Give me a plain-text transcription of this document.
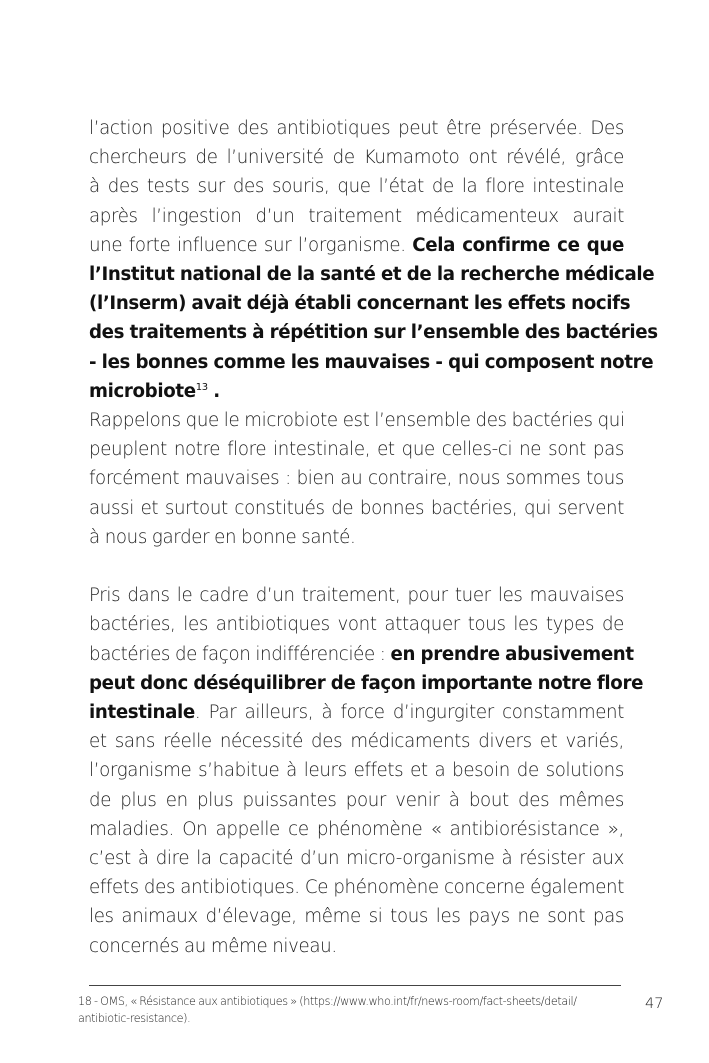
l’action positive des antibiotiques peut être préservée. Des
chercheurs de l’université de Kumamoto ont révélé, grâce
à des tests sur des souris, que l’état de la flore intestinale
après l’ingestion d’un traitement médicamenteux aurait
une forte influence sur l’organisme. Cela confirme ce que
l’Institut national de la santé et de la recherche médicale
(l’Inserm) avait déjà établi concernant les effets nocifs
des traitements à répétition sur l’ensemble des bactéries
- les bonnes comme les mauvaises - qui composent notre
microbiote$^{13}$ .

Rappelons que le microbiote est l’ensemble des bactéries qui
peuplent notre flore intestinale, et que celles-ci ne sont pas
forcément mauvaises : bien au contraire, nous sommes tous
aussi et surtout constitués de bonnes bactéries, qui servent
à nous garder en bonne santé.

Pris dans le cadre d’un traitement, pour tuer les mauvaises
bactéries, les antibiotiques vont attaquer tous les types de
bactéries de façon indifférenciée : en prendre abusivement
peut donc déséquilibrer de façon importante notre flore
intestinale. Par ailleurs, à force d’ingurgiter constamment
et sans réelle nécessité des médicaments divers et variés,
l’organisme s’habitue à leurs effets et a besoin de solutions
de plus en plus puissantes pour venir à bout des mêmes
maladies. On appelle ce phénomène « antibiorésistance »,
c’est à dire la capacité d’un micro-organisme à résister aux
effets des antibiotiques. Ce phénomène concerne également
les animaux d’élevage, même si tous les pays ne sont pas
concernés au même niveau.

18 - OMS, « Résistance aux antibiotiques » (https://www.who.int/fr/news-room/fact-sheets/detail/
antibiotic-resistance).
47
